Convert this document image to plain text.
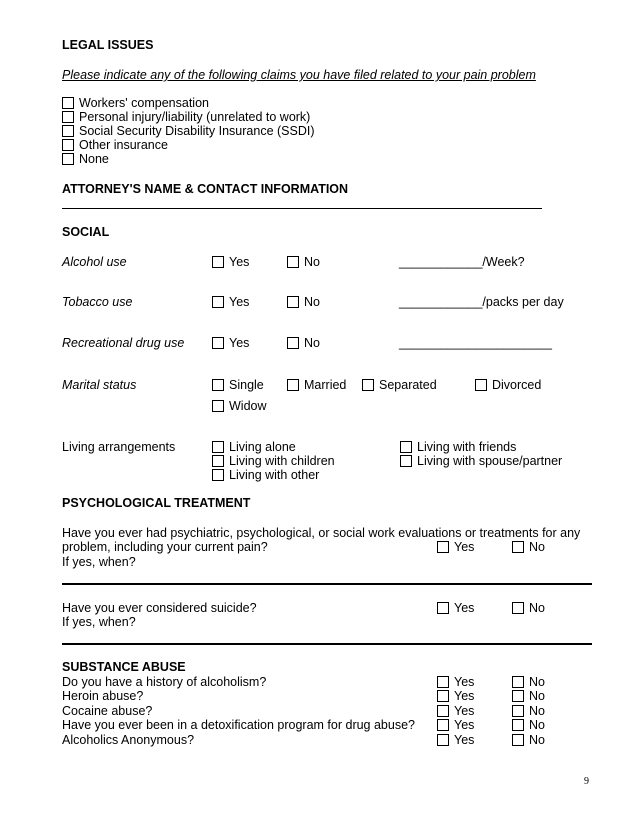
LEGAL ISSUES
Please indicate any of the following claims you have filed related to your pain problem
Workers' compensation
Personal injury/liability (unrelated to work)
Social Security Disability Insurance (SSDI)
Other insurance
None
ATTORNEY'S NAME & CONTACT INFORMATION
SOCIAL
Alcohol use	Yes	No	____________/Week?
Tobacco use	Yes	No	____________/packs per day
Recreational drug use	Yes	No	______________________
Marital status	Single	Married	Separated	Divorced
Widow
Living arrangements	Living alone	Living with friends
Living with children	Living with spouse/partner
Living with other
PSYCHOLOGICAL TREATMENT
Have you ever had psychiatric, psychological, or social work evaluations or treatments for any
problem, including your current pain?	Yes	No
If yes, when?
Have you ever considered suicide?	Yes	No
If yes, when?
SUBSTANCE ABUSE
Do you have a history of alcoholism?	Yes	No
Heroin abuse?	Yes	No
Cocaine abuse?	Yes	No
Have you ever been in a detoxification program for drug abuse?	Yes	No
Alcoholics Anonymous?	Yes	No
9
